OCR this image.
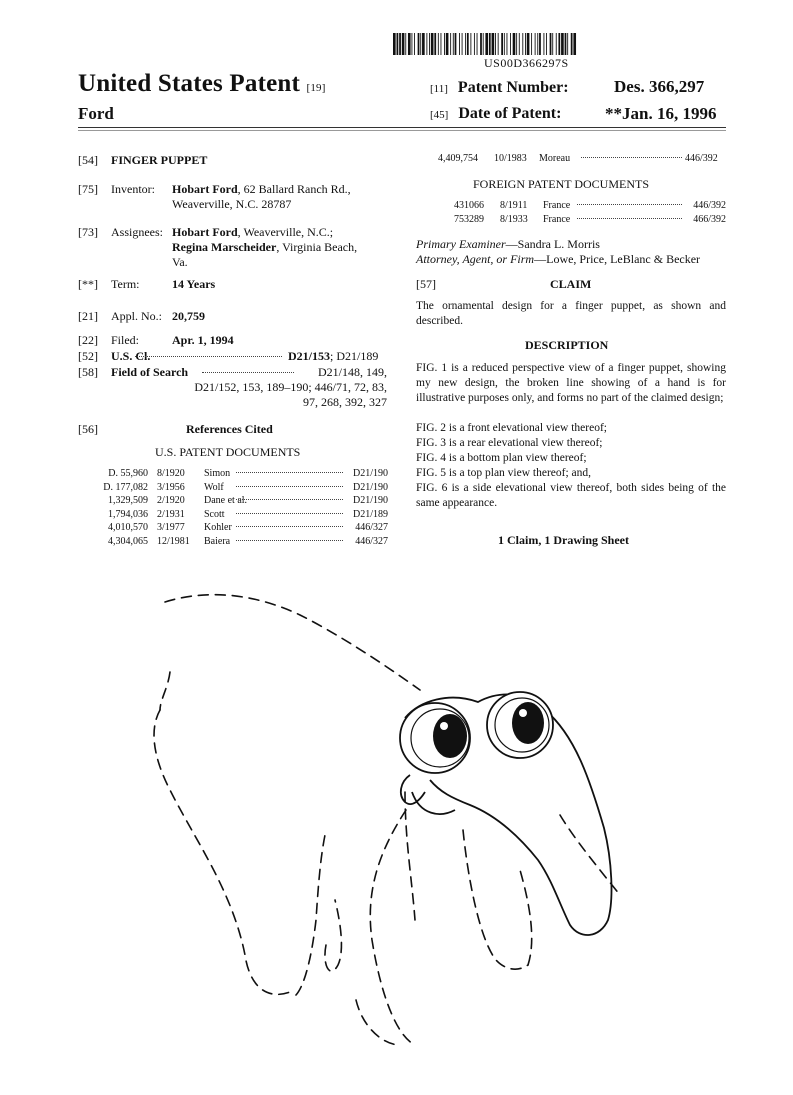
US00D366297S
United States Patent [19]
Ford
[11] Patent Number:	Des. 366,297
[45] Date of Patent:	**Jan. 16, 1996
[54] FINGER PUPPET
[75] Inventor: Hobart Ford, 62 Ballard Ranch Rd.,
Weaverville, N.C. 28787
[73] Assignees: Hobart Ford, Weaverville, N.C.;
Regina Marscheider, Virginia Beach,
Va.
[**] Term:	14 Years
[21] Appl. No.: 20,759
[22] Filed:	Apr. 1, 1994
[52] U.S. Cl.	D21/153; D21/189
[58] Field of Search	D21/148, 149,
D21/152, 153, 189–190; 446/71, 72, 83,
97, 268, 392, 327
[56]	References Cited
U.S. PATENT DOCUMENTS
D. 55,960 8/1920 Simon	D21/190
D. 177,082 3/1956 Wolf	D21/190
1,329,509 2/1920 Dane et al.	D21/190
1,794,036 2/1931 Scott	D21/189
4,010,570 3/1977 Kohler	446/327
4,304,065 12/1981 Baiera	446/327
4,409,754 10/1983 Moreau	446/392
FOREIGN PATENT DOCUMENTS
431066 8/1911 France	446/392
753289 8/1933 France	466/392
Primary Examiner—Sandra L. Morris
Attorney, Agent, or Firm—Lowe, Price, LeBlanc & Becker
[57]	CLAIM
The ornamental design for a finger puppet, as shown and described.
DESCRIPTION
FIG. 1 is a reduced perspective view of a finger puppet, showing my new design, the broken line showing of a hand is for illustrative purposes only, and forms no part of the claimed design;
FIG. 2 is a front elevational view thereof;
FIG. 3 is a rear elevational view thereof;
FIG. 4 is a bottom plan view thereof;
FIG. 5 is a top plan view thereof; and,
FIG. 6 is a side elevational view thereof, both sides being of the same appearance.
1 Claim, 1 Drawing Sheet
